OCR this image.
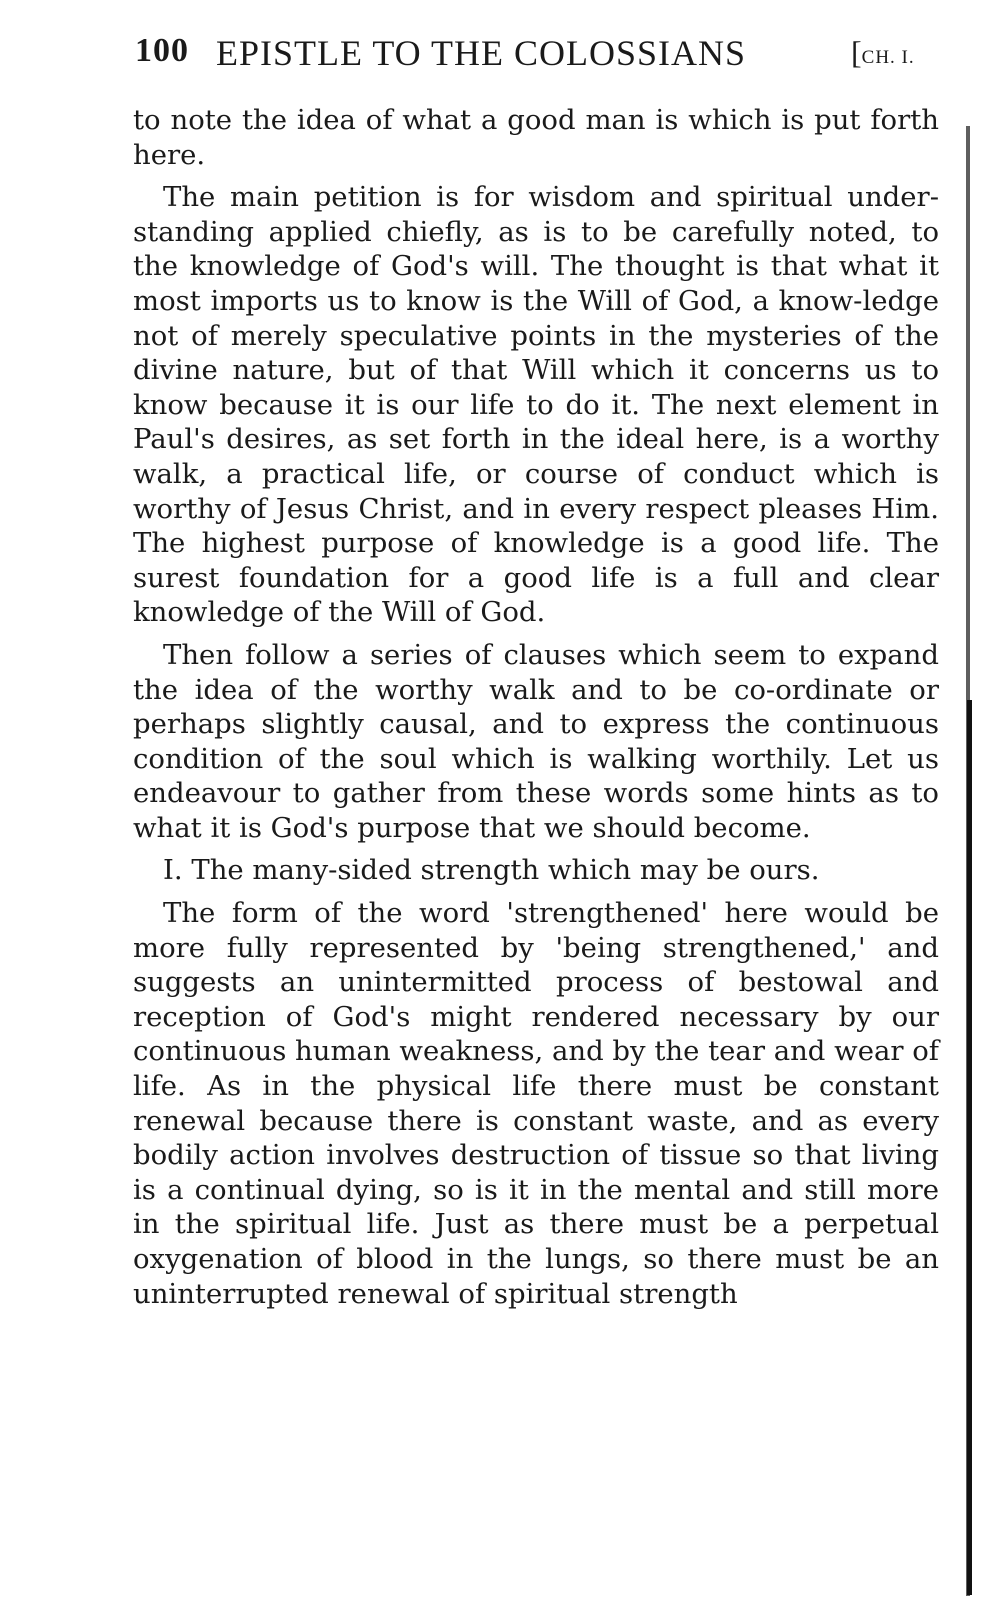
100 EPISTLE TO THE COLOSSIANS	[CH. I.

to note the idea of what a good man is which is put forth here.

The main petition is for wisdom and spiritual under-standing applied chiefly, as is to be carefully noted, to the knowledge of God's will. The thought is that what it most imports us to know is the Will of God, a know-ledge not of merely speculative points in the mysteries of the divine nature, but of that Will which it concerns us to know because it is our life to do it. The next element in Paul's desires, as set forth in the ideal here, is a worthy walk, a practical life, or course of conduct which is worthy of Jesus Christ, and in every respect pleases Him. The highest purpose of knowledge is a good life. The surest foundation for a good life is a full and clear knowledge of the Will of God.

Then follow a series of clauses which seem to expand the idea of the worthy walk and to be co-ordinate or perhaps slightly causal, and to express the continuous condition of the soul which is walking worthily. Let us endeavour to gather from these words some hints as to what it is God's purpose that we should become.

I. The many-sided strength which may be ours.

The form of the word 'strengthened' here would be more fully represented by 'being strengthened,' and suggests an unintermitted process of bestowal and reception of God's might rendered necessary by our continuous human weakness, and by the tear and wear of life. As in the physical life there must be constant renewal because there is constant waste, and as every bodily action involves destruction of tissue so that living is a continual dying, so is it in the mental and still more in the spiritual life. Just as there must be a perpetual oxygenation of blood in the lungs, so there must be an uninterrupted renewal of spiritual strength
